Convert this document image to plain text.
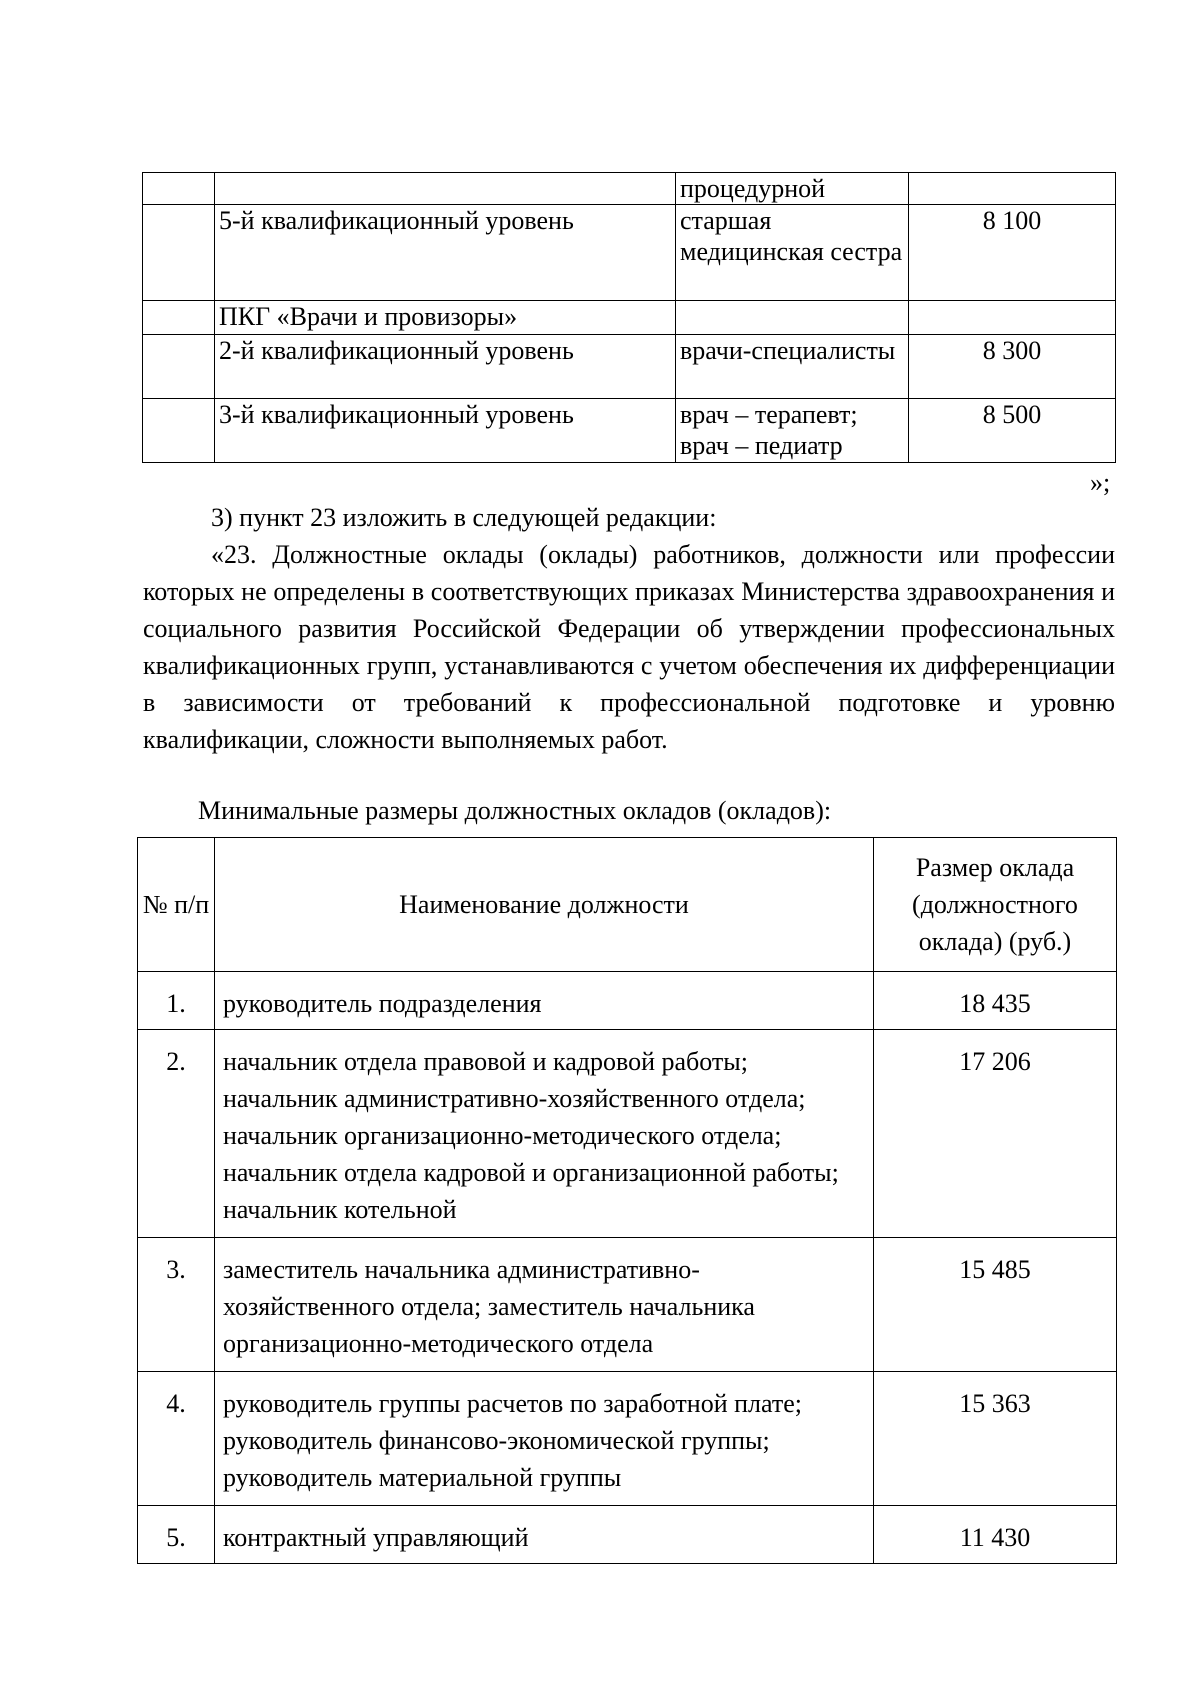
		процедурной	
	5-й квалификационный уровень	старшая медицинская сестра	8 100
	ПКГ «Врачи и провизоры»		
	2-й квалификационный уровень	врачи-специалисты	8 300
	3-й квалификационный уровень	врач – терапевт; врач – педиатр	8 500
»;
3) пункт 23 изложить в следующей редакции:
«23. Должностные оклады (оклады) работников, должности или профессии которых не определены в соответствующих приказах Министерства здравоохранения и социального развития Российской Федерации об утверждении профессиональных квалификационных групп, устанавливаются с учетом обеспечения их дифференциации в зависимости от требований к профессиональной подготовке и уровню квалификации, сложности выполняемых работ.
Минимальные размеры должностных окладов (окладов):
№ п/п	Наименование должности	Размер оклада (должностного оклада) (руб.)
1.	руководитель подразделения	18 435
2.	начальник отдела правовой и кадровой работы; начальник административно-хозяйственного отдела; начальник организационно-методического отдела; начальник отдела кадровой и организационной работы; начальник котельной	17 206
3.	заместитель начальника административно-хозяйственного отдела; заместитель начальника организационно-методического отдела	15 485
4.	руководитель группы расчетов по заработной плате; руководитель финансово-экономической группы; руководитель материальной группы	15 363
5.	контрактный управляющий	11 430
